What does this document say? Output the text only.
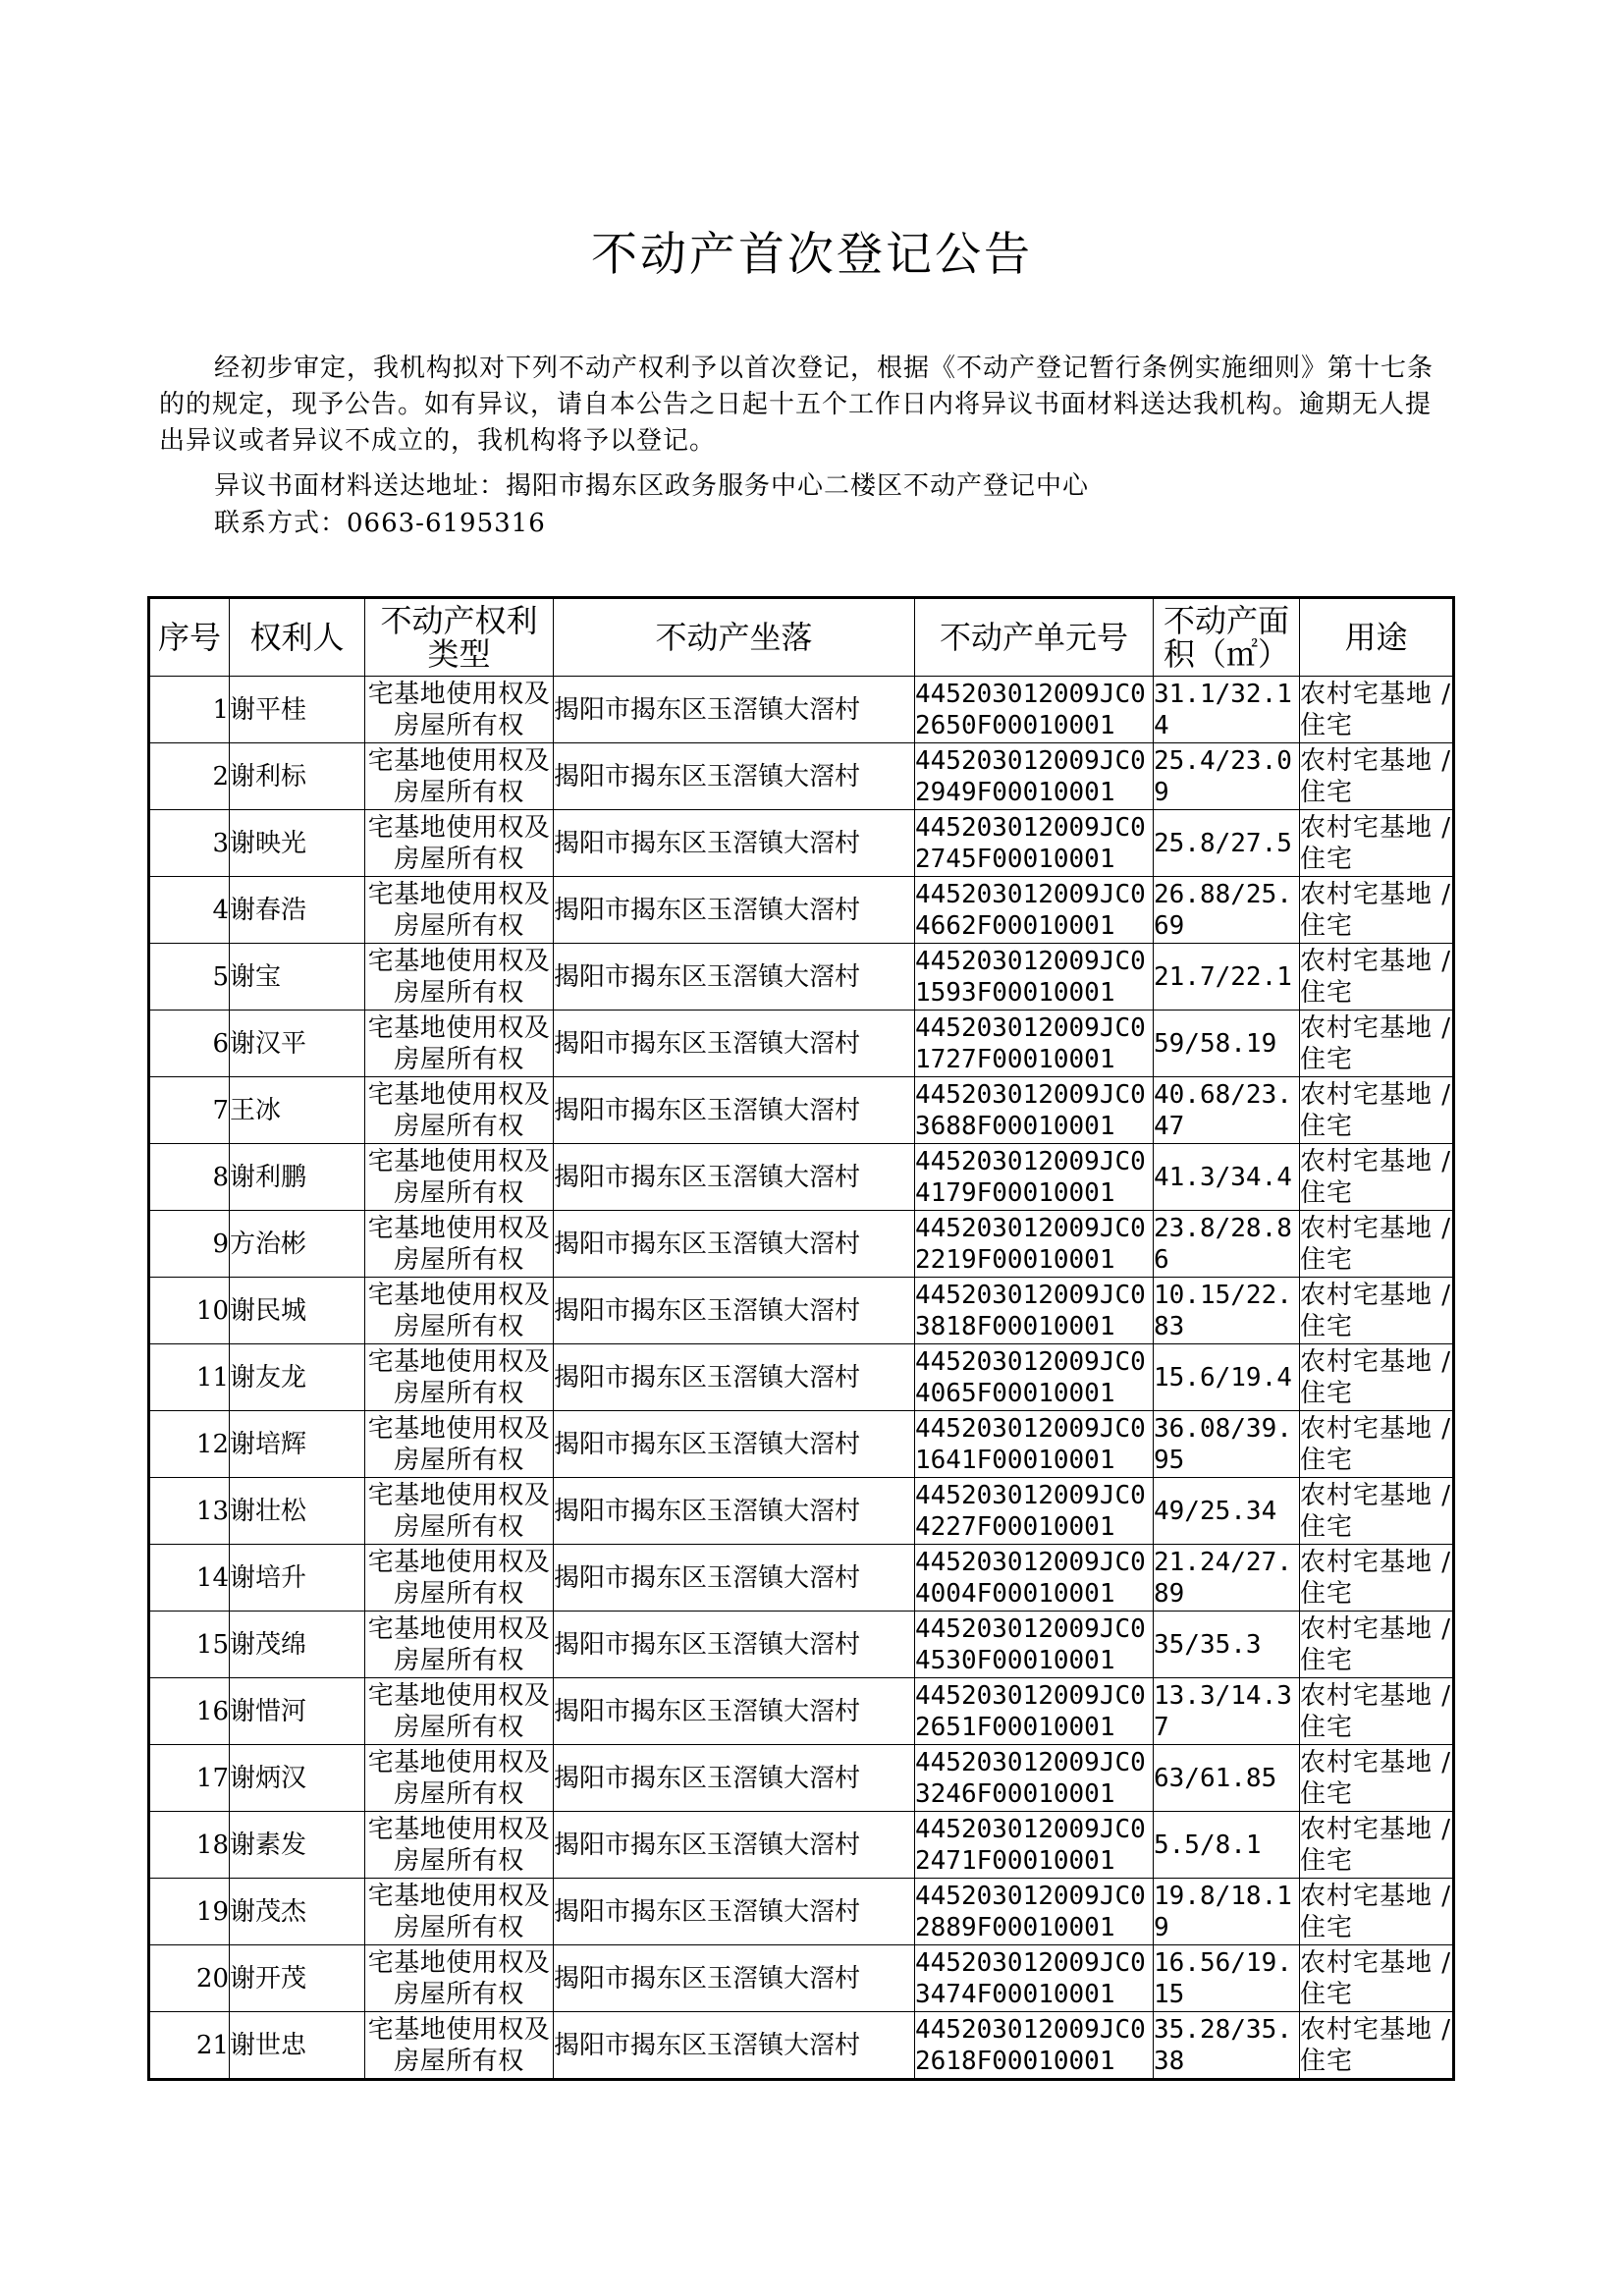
不动产首次登记公告
经初步审定，我机构拟对下列不动产权利予以首次登记，根据《不动产登记暂行条例实施细则》第十七条的的规定，现予公告。如有异议，请自本公告之日起十五个工作日内将异议书面材料送达我机构。逾期无人提出异议或者异议不成立的，我机构将予以登记。
异议书面材料送达地址：揭阳市揭东区政务服务中心二楼区不动产登记中心
联系方式：0663-6195316
序号	权利人	不动产权利类型	不动产坐落	不动产单元号	不动产面积（㎡）	用途
1	谢平桂	宅基地使用权及房屋所有权	揭阳市揭东区玉滘镇大滘村	445203012009JC02650F00010001	31.1/32.14	农村宅基地 / 住宅
2	谢利标	宅基地使用权及房屋所有权	揭阳市揭东区玉滘镇大滘村	445203012009JC02949F00010001	25.4/23.09	农村宅基地 / 住宅
3	谢映光	宅基地使用权及房屋所有权	揭阳市揭东区玉滘镇大滘村	445203012009JC02745F00010001	25.8/27.5	农村宅基地 / 住宅
4	谢春浩	宅基地使用权及房屋所有权	揭阳市揭东区玉滘镇大滘村	445203012009JC04662F00010001	26.88/25.69	农村宅基地 / 住宅
5	谢宝	宅基地使用权及房屋所有权	揭阳市揭东区玉滘镇大滘村	445203012009JC01593F00010001	21.7/22.1	农村宅基地 / 住宅
6	谢汉平	宅基地使用权及房屋所有权	揭阳市揭东区玉滘镇大滘村	445203012009JC01727F00010001	59/58.19	农村宅基地 / 住宅
7	王冰	宅基地使用权及房屋所有权	揭阳市揭东区玉滘镇大滘村	445203012009JC03688F00010001	40.68/23.47	农村宅基地 / 住宅
8	谢利鹏	宅基地使用权及房屋所有权	揭阳市揭东区玉滘镇大滘村	445203012009JC04179F00010001	41.3/34.4	农村宅基地 / 住宅
9	方治彬	宅基地使用权及房屋所有权	揭阳市揭东区玉滘镇大滘村	445203012009JC02219F00010001	23.8/28.86	农村宅基地 / 住宅
10	谢民城	宅基地使用权及房屋所有权	揭阳市揭东区玉滘镇大滘村	445203012009JC03818F00010001	10.15/22.83	农村宅基地 / 住宅
11	谢友龙	宅基地使用权及房屋所有权	揭阳市揭东区玉滘镇大滘村	445203012009JC04065F00010001	15.6/19.4	农村宅基地 / 住宅
12	谢培辉	宅基地使用权及房屋所有权	揭阳市揭东区玉滘镇大滘村	445203012009JC01641F00010001	36.08/39.95	农村宅基地 / 住宅
13	谢壮松	宅基地使用权及房屋所有权	揭阳市揭东区玉滘镇大滘村	445203012009JC04227F00010001	49/25.34	农村宅基地 / 住宅
14	谢培升	宅基地使用权及房屋所有权	揭阳市揭东区玉滘镇大滘村	445203012009JC04004F00010001	21.24/27.89	农村宅基地 / 住宅
15	谢茂绵	宅基地使用权及房屋所有权	揭阳市揭东区玉滘镇大滘村	445203012009JC04530F00010001	35/35.3	农村宅基地 / 住宅
16	谢惜河	宅基地使用权及房屋所有权	揭阳市揭东区玉滘镇大滘村	445203012009JC02651F00010001	13.3/14.37	农村宅基地 / 住宅
17	谢炳汉	宅基地使用权及房屋所有权	揭阳市揭东区玉滘镇大滘村	445203012009JC03246F00010001	63/61.85	农村宅基地 / 住宅
18	谢素发	宅基地使用权及房屋所有权	揭阳市揭东区玉滘镇大滘村	445203012009JC02471F00010001	5.5/8.1	农村宅基地 / 住宅
19	谢茂杰	宅基地使用权及房屋所有权	揭阳市揭东区玉滘镇大滘村	445203012009JC02889F00010001	19.8/18.19	农村宅基地 / 住宅
20	谢开茂	宅基地使用权及房屋所有权	揭阳市揭东区玉滘镇大滘村	445203012009JC03474F00010001	16.56/19.15	农村宅基地 / 住宅
21	谢世忠	宅基地使用权及房屋所有权	揭阳市揭东区玉滘镇大滘村	445203012009JC02618F00010001	35.28/35.38	农村宅基地 / 住宅
